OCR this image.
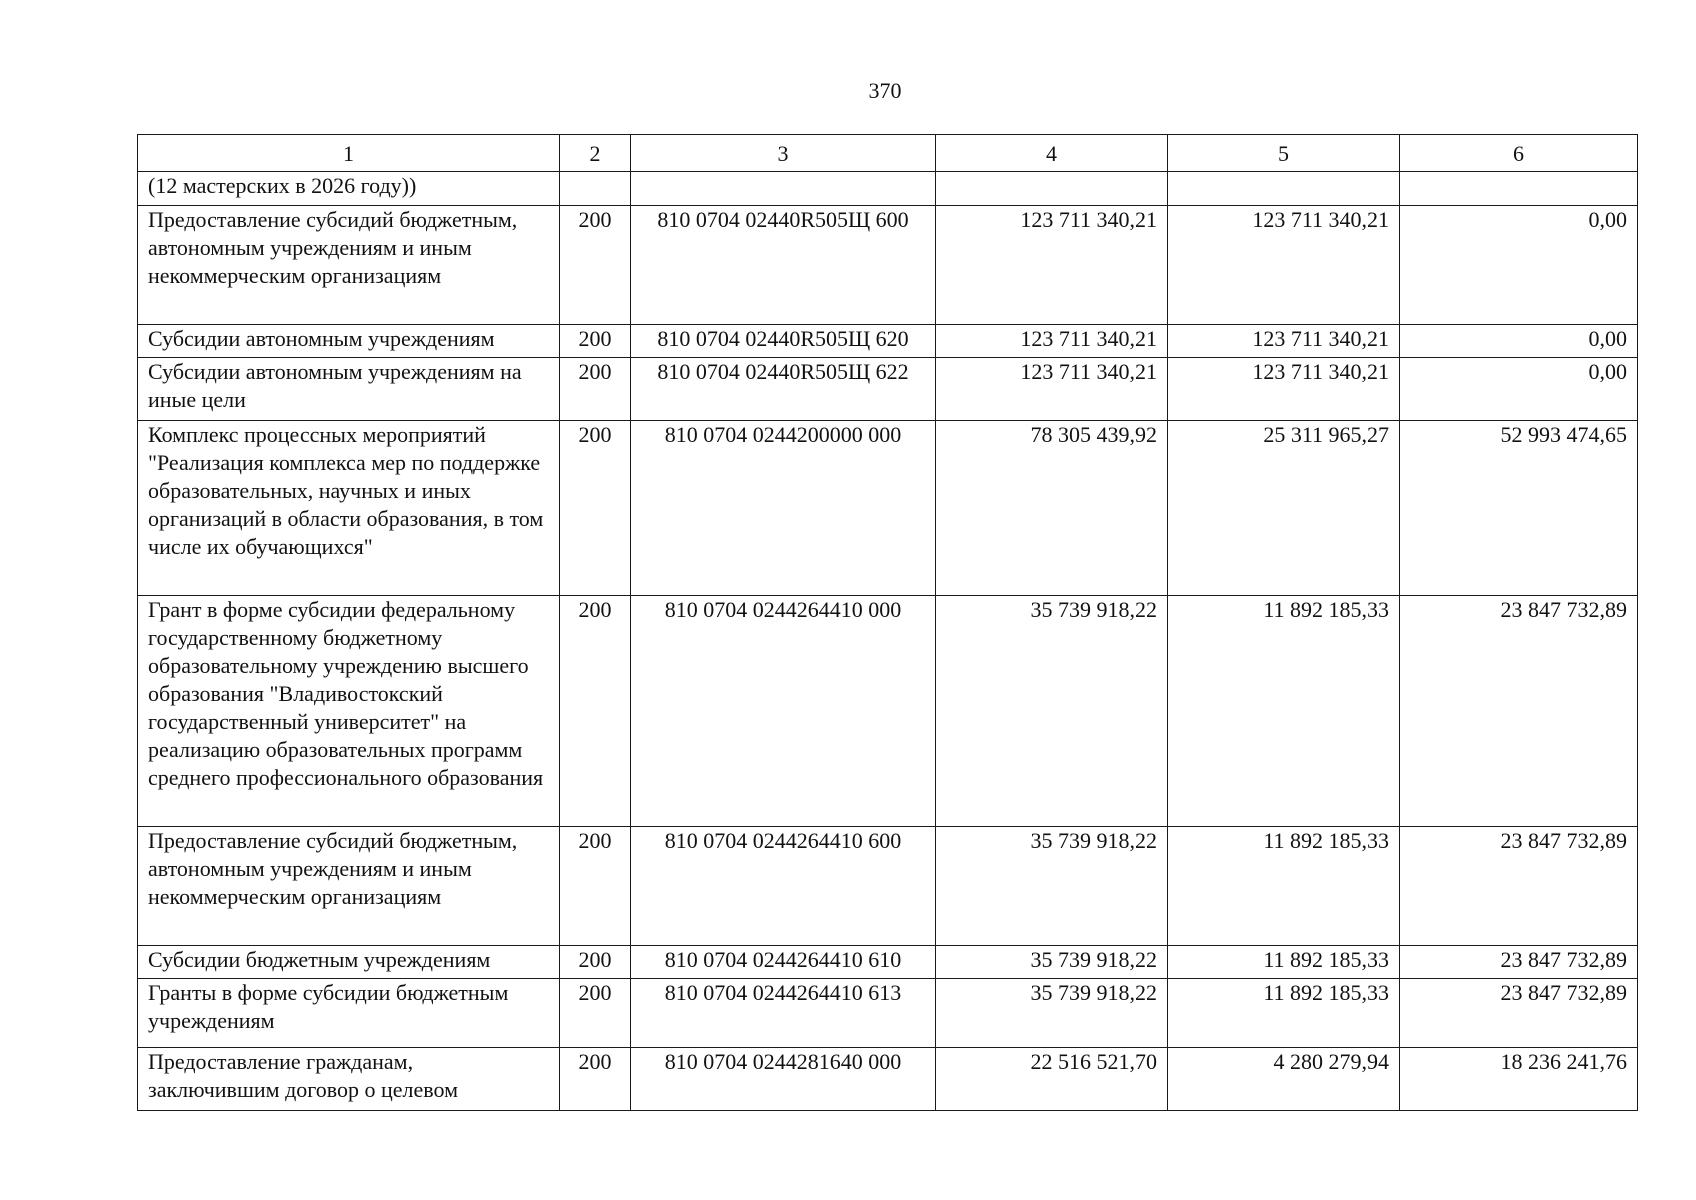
370
1	2	3	4	5	6
(12 мастерских в 2026 году))					
Предоставление субсидий бюджетным, автономным учреждениям и иным некоммерческим организациям	200	810 0704 02440R505Щ 600	123 711 340,21	123 711 340,21	0,00
Субсидии автономным учреждениям	200	810 0704 02440R505Щ 620	123 711 340,21	123 711 340,21	0,00
Субсидии автономным учреждениям на иные цели	200	810 0704 02440R505Щ 622	123 711 340,21	123 711 340,21	0,00
Комплекс процессных мероприятий "Реализация комплекса мер по поддержке образовательных, научных и иных организаций в области образования, в том числе их обучающихся"	200	810 0704 0244200000 000	78 305 439,92	25 311 965,27	52 993 474,65
Грант в форме субсидии федеральному государственному бюджетному образовательному учреждению высшего образования "Владивостокский государственный университет" на реализацию образовательных программ среднего профессионального образования	200	810 0704 0244264410 000	35 739 918,22	11 892 185,33	23 847 732,89
Предоставление субсидий бюджетным, автономным учреждениям и иным некоммерческим организациям	200	810 0704 0244264410 600	35 739 918,22	11 892 185,33	23 847 732,89
Субсидии бюджетным учреждениям	200	810 0704 0244264410 610	35 739 918,22	11 892 185,33	23 847 732,89
Гранты в форме субсидии бюджетным учреждениям	200	810 0704 0244264410 613	35 739 918,22	11 892 185,33	23 847 732,89
Предоставление гражданам, заключившим договор о целевом	200	810 0704 0244281640 000	22 516 521,70	4 280 279,94	18 236 241,76
